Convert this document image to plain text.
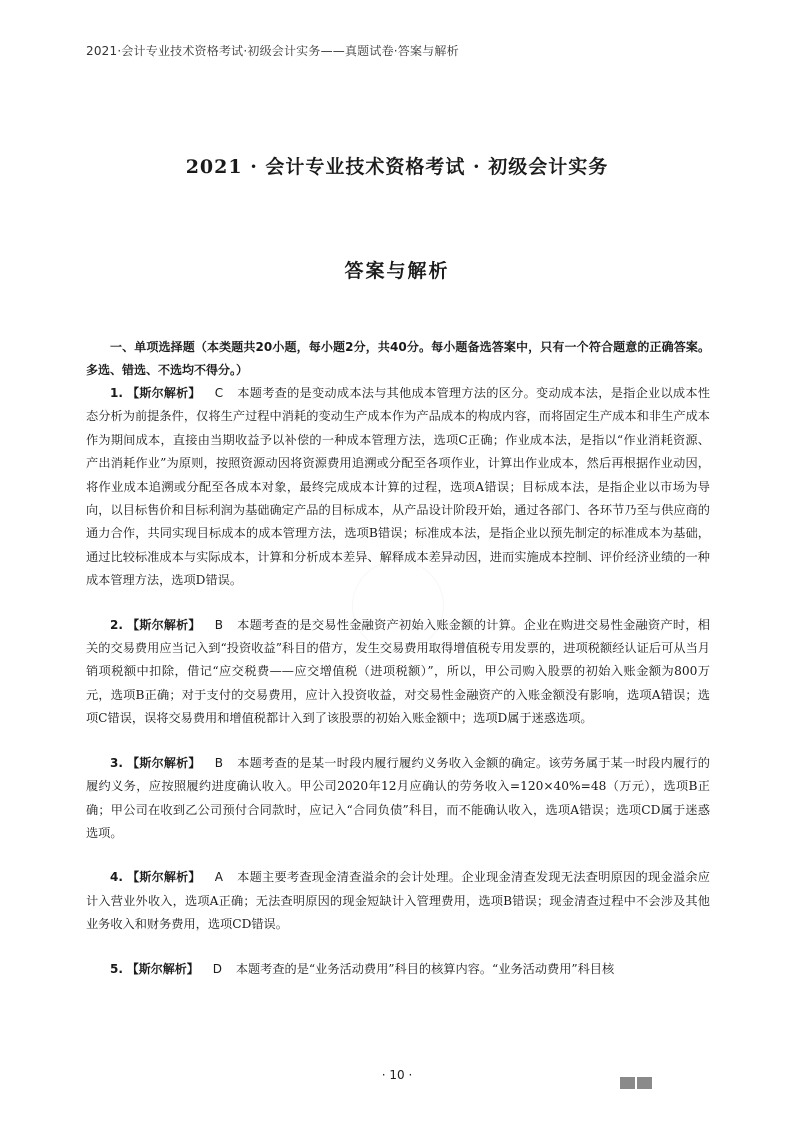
2021·会计专业技术资格考试·初级会计实务——真题试卷·答案与解析
2021 · 会计专业技术资格考试 · 初级会计实务
答案与解析
一、单项选择题（本类题共20小题，每小题2分，共40分。每小题备选答案中，只有一个符合题意的正确答案。多选、错选、不选均不得分。）

1. 【斯尔解析】 C 本题考查的是变动成本法与其他成本管理方法的区分。变动成本法，是指企业以成本性态分析为前提条件，仅将生产过程中消耗的变动生产成本作为产品成本的构成内容，而将固定生产成本和非生产成本作为期间成本，直接由当期收益予以补偿的一种成本管理方法，选项C正确；作业成本法，是指以“作业消耗资源、产出消耗作业”为原则，按照资源动因将资源费用追溯或分配至各项作业，计算出作业成本，然后再根据作业动因，将作业成本追溯或分配至各成本对象，最终完成成本计算的过程，选项A错误；目标成本法，是指企业以市场为导向，以目标售价和目标利润为基础确定产品的目标成本，从产品设计阶段开始，通过各部门、各环节乃至与供应商的通力合作，共同实现目标成本的成本管理方法，选项B错误；标准成本法，是指企业以预先制定的标准成本为基础，通过比较标准成本与实际成本，计算和分析成本差异、解释成本差异动因，进而实施成本控制、评价经济业绩的一种成本管理方法，选项D错误。

2. 【斯尔解析】 B 本题考查的是交易性金融资产初始入账金额的计算。企业在购进交易性金融资产时，相关的交易费用应当记入到“投资收益”科目的借方，发生交易费用取得增值税专用发票的，进项税额经认证后可从当月销项税额中扣除，借记“应交税费——应交增值税（进项税额）”，所以，甲公司购入股票的初始入账金额为800万元，选项B正确；对于支付的交易费用，应计入投资收益，对交易性金融资产的入账金额没有影响，选项A错误；选项C错误，误将交易费用和增值税都计入到了该股票的初始入账金额中；选项D属于迷惑选项。

3. 【斯尔解析】 B 本题考查的是某一时段内履行履约义务收入金额的确定。该劳务属于某一时段内履行的履约义务，应按照履约进度确认收入。甲公司2020年12月应确认的劳务收入=120×40%=48（万元），选项B正确；甲公司在收到乙公司预付合同款时，应记入“合同负债”科目，而不能确认收入，选项A错误；选项CD属于迷惑选项。

4. 【斯尔解析】 A 本题主要考查现金清查溢余的会计处理。企业现金清查发现无法查明原因的现金溢余应计入营业外收入，选项A正确；无法查明原因的现金短缺计入管理费用，选项B错误；现金清查过程中不会涉及其他业务收入和财务费用，选项CD错误。

5. 【斯尔解析】 D 本题考查的是“业务活动费用”科目的核算内容。“业务活动费用”科目核

· 10 ·
